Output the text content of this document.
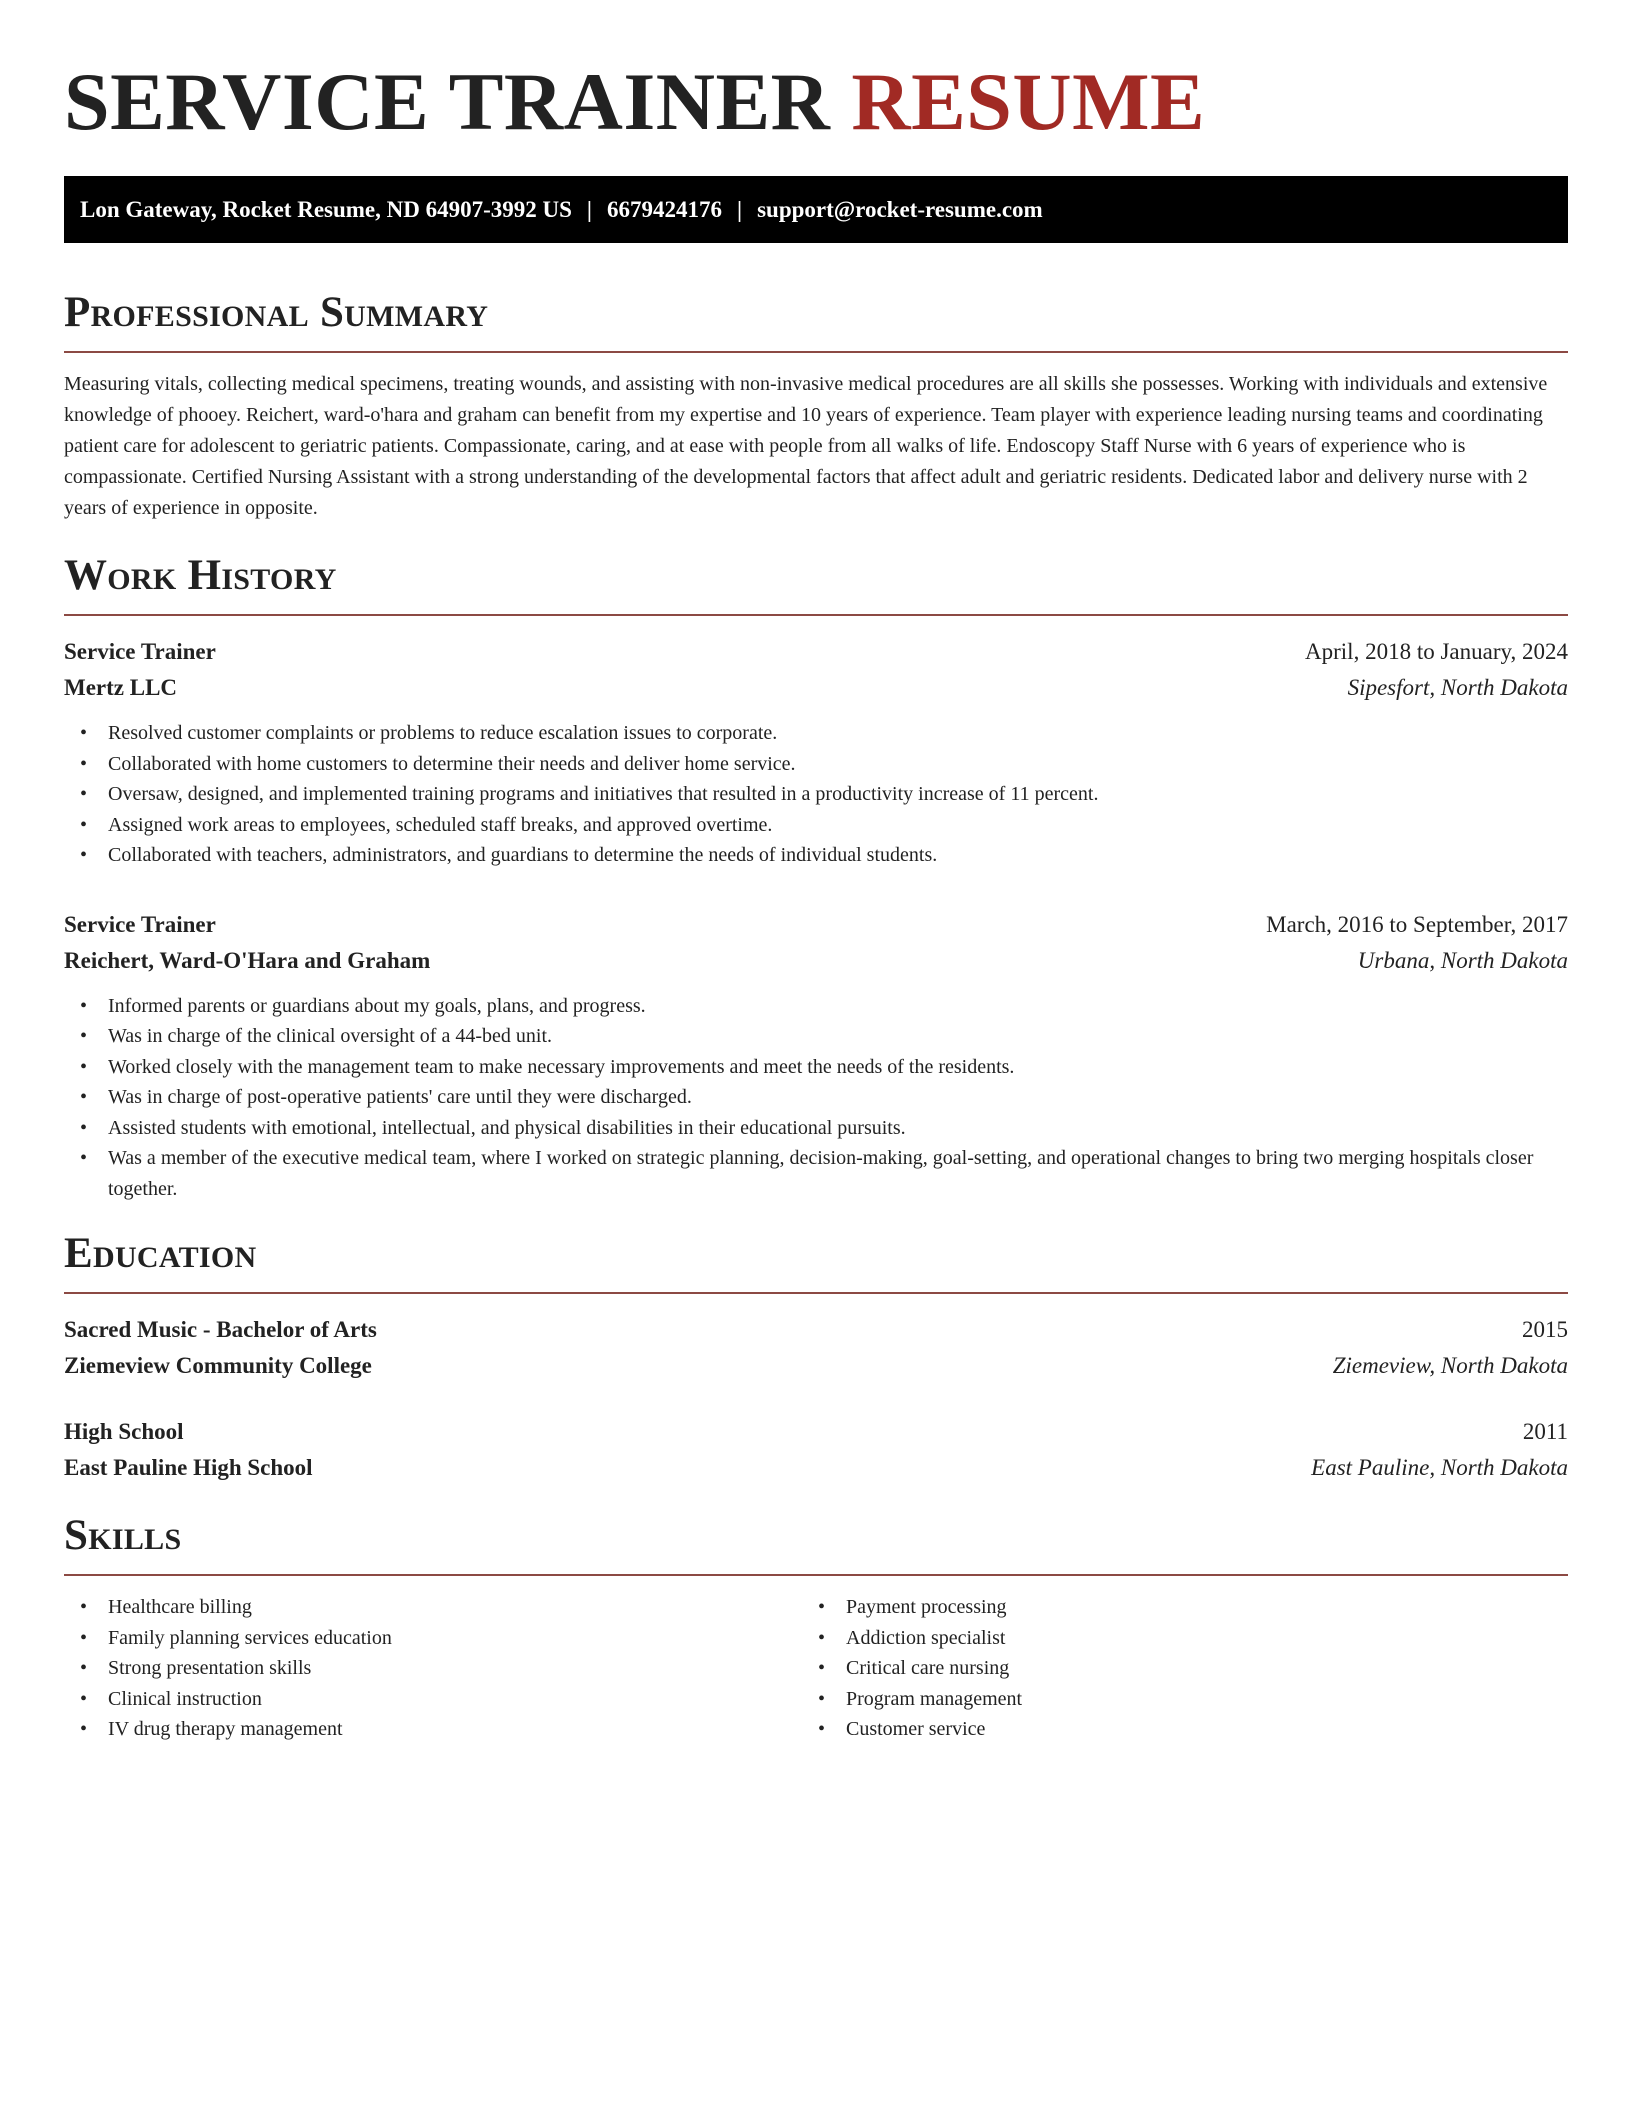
SERVICE TRAINER RESUME
Lon Gateway, Rocket Resume, ND 64907-3992 US | 6679424176 | support@rocket-resume.com
Professional Summary

Measuring vitals, collecting medical specimens, treating wounds, and assisting with non-invasive medical procedures are all skills she possesses. Working with individuals and extensive knowledge of phooey. Reichert, ward-o'hara and graham can benefit from my expertise and 10 years of experience. Team player with experience leading nursing teams and coordinating patient care for adolescent to geriatric patients. Compassionate, caring, and at ease with people from all walks of life. Endoscopy Staff Nurse with 6 years of experience who is compassionate. Certified Nursing Assistant with a strong understanding of the developmental factors that affect adult and geriatric residents. Dedicated labor and delivery nurse with 2 years of experience in opposite.

Work History
Service Trainer	April, 2018 to January, 2024
Mertz LLC	Sipesfort, North Dakota
• Resolved customer complaints or problems to reduce escalation issues to corporate.
• Collaborated with home customers to determine their needs and deliver home service.
• Oversaw, designed, and implemented training programs and initiatives that resulted in a productivity increase of 11 percent.
• Assigned work areas to employees, scheduled staff breaks, and approved overtime.
• Collaborated with teachers, administrators, and guardians to determine the needs of individual students.
Service Trainer	March, 2016 to September, 2017
Reichert, Ward-O'Hara and Graham	Urbana, North Dakota
• Informed parents or guardians about my goals, plans, and progress.
• Was in charge of the clinical oversight of a 44-bed unit.
• Worked closely with the management team to make necessary improvements and meet the needs of the residents.
• Was in charge of post-operative patients' care until they were discharged.
• Assisted students with emotional, intellectual, and physical disabilities in their educational pursuits.
• Was a member of the executive medical team, where I worked on strategic planning, decision-making, goal-setting, and operational changes to bring two merging hospitals closer together.
Education
Sacred Music - Bachelor of Arts	2015
Ziemeview Community College	Ziemeview, North Dakota
High School	2011
East Pauline High School	East Pauline, North Dakota
Skills
• Healthcare billing
• Family planning services education
• Strong presentation skills
• Clinical instruction
• IV drug therapy management
• Payment processing
• Addiction specialist
• Critical care nursing
• Program management
• Customer service
